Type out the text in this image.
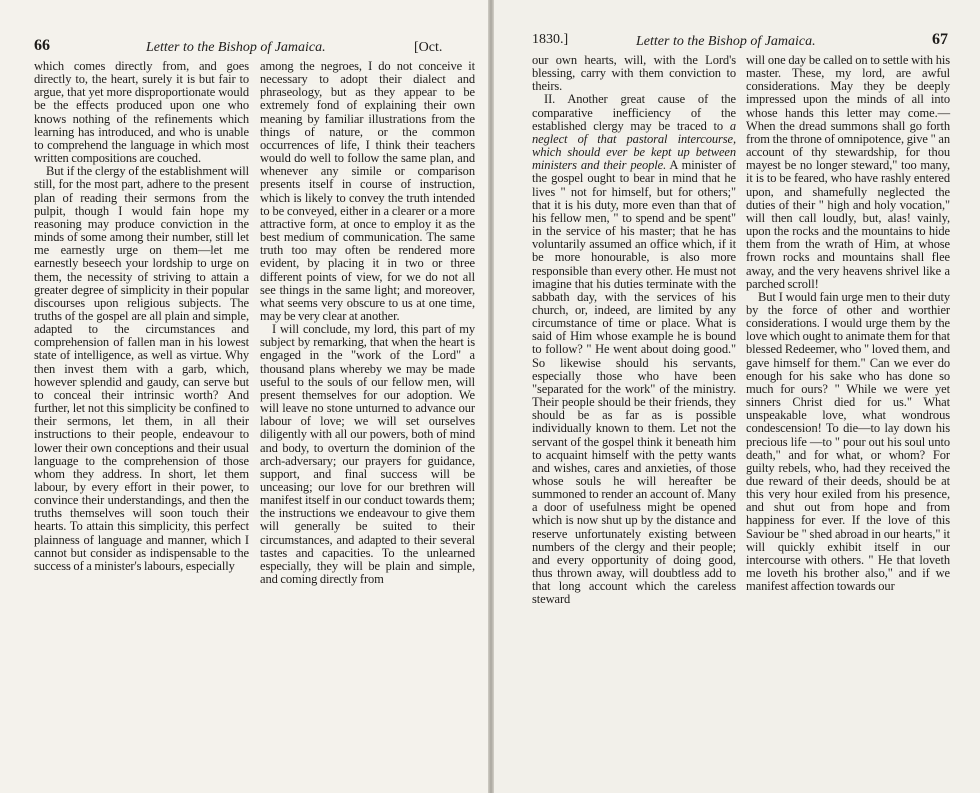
66	Letter to the Bishop of Jamaica.	[Oct.

which comes directly from, and goes directly to, the heart, surely it is but fair to argue, that yet more disproportionate would be the effects produced upon one who knows nothing of the refinements which learning has introduced, and who is unable to comprehend the language in which most written compositions are couched.

But if the clergy of the establishment will still, for the most part, adhere to the present plan of reading their sermons from the pulpit, though I would fain hope my reasoning may produce conviction in the minds of some among their number, still let me earnestly urge on them—let me earnestly beseech your lordship to urge on them, the necessity of striving to attain a greater degree of simplicity in their popular discourses upon religious subjects. The truths of the gospel are all plain and simple, adapted to the circumstances and comprehension of fallen man in his lowest state of intelligence, as well as virtue. Why then invest them with a garb, which, however splendid and gaudy, can serve but to conceal their intrinsic worth? And further, let not this simplicity be confined to their sermons, let them, in all their instructions to their people, endeavour to lower their own conceptions and their usual language to the comprehension of those whom they address. In short, let them labour, by every effort in their power, to convince their understandings, and then the truths themselves will soon touch their hearts. To attain this simplicity, this perfect plainness of language and manner, which I cannot but consider as indispensable to the success of a minister's labours, especially

among the negroes, I do not conceive it necessary to adopt their dialect and phraseology, but as they appear to be extremely fond of explaining their own meaning by familiar illustrations from the things of nature, or the common occurrences of life, I think their teachers would do well to follow the same plan, and whenever any simile or comparison presents itself in course of instruction, which is likely to convey the truth intended to be conveyed, either in a clearer or a more attractive form, at once to employ it as the best medium of communication. The same truth too may often be rendered more evident, by placing it in two or three different points of view, for we do not all see things in the same light; and moreover, what seems very obscure to us at one time, may be very clear at another.

I will conclude, my lord, this part of my subject by remarking, that when the heart is engaged in the "work of the Lord" a thousand plans whereby we may be made useful to the souls of our fellow men, will present themselves for our adoption. We will leave no stone unturned to advance our labour of love; we will set ourselves diligently with all our powers, both of mind and body, to overturn the dominion of the arch-adversary; our prayers for guidance, support, and final success will be unceasing; our love for our brethren will manifest itself in our conduct towards them; the instructions we endeavour to give them will generally be suited to their circumstances, and adapted to their several tastes and capacities. To the unlearned especially, they will be plain and simple, and coming directly from

1830.]	Letter to the Bishop of Jamaica.	67

our own hearts, will, with the Lord's blessing, carry with them conviction to theirs.

II. Another great cause of the comparative inefficiency of the established clergy may be traced to a neglect of that pastoral intercourse, which should ever be kept up between ministers and their people. A minister of the gospel ought to bear in mind that he lives " not for himself, but for others;" that it is his duty, more even than that of his fellow men, " to spend and be spent" in the service of his master; that he has voluntarily assumed an office which, if it be more honourable, is also more responsible than every other. He must not imagine that his duties terminate with the sabbath day, with the services of his church, or, indeed, are limited by any circumstance of time or place. What is said of Him whose example he is bound to follow? " He went about doing good." So likewise should his servants, especially those who have been "separated for the work" of the ministry. Their people should be their friends, they should be as far as is possible individually known to them. Let not the servant of the gospel think it beneath him to acquaint himself with the petty wants and wishes, cares and anxieties, of those whose souls he will hereafter be summoned to render an account of. Many a door of usefulness might be opened which is now shut up by the distance and reserve unfortunately existing between numbers of the clergy and their people; and every opportunity of doing good, thus thrown away, will doubtless add to that long account which the careless steward

will one day be called on to settle with his master. These, my lord, are awful considerations. May they be deeply impressed upon the minds of all into whose hands this letter may come.— When the dread summons shall go forth from the throne of omnipotence, give " an account of thy stewardship, for thou mayest be no longer steward," too many, it is to be feared, who have rashly entered upon, and shamefully neglected the duties of their " high and holy vocation," will then call loudly, but, alas! vainly, upon the rocks and the mountains to hide them from the wrath of Him, at whose frown rocks and mountains shall flee away, and the very heavens shrivel like a parched scroll!

But I would fain urge men to their duty by the force of other and worthier considerations. I would urge them by the love which ought to animate them for that blessed Redeemer, who " loved them, and gave himself for them." Can we ever do enough for his sake who has done so much for ours? " While we were yet sinners Christ died for us." What unspeakable love, what wondrous condescension! To die—to lay down his precious life —to " pour out his soul unto death," and for what, or whom? For guilty rebels, who, had they received the due reward of their deeds, should be at this very hour exiled from his presence, and shut out from hope and from happiness for ever. If the love of this Saviour be " shed abroad in our hearts," it will quickly exhibit itself in our intercourse with others. " He that loveth me loveth his brother also," and if we manifest affection towards our
